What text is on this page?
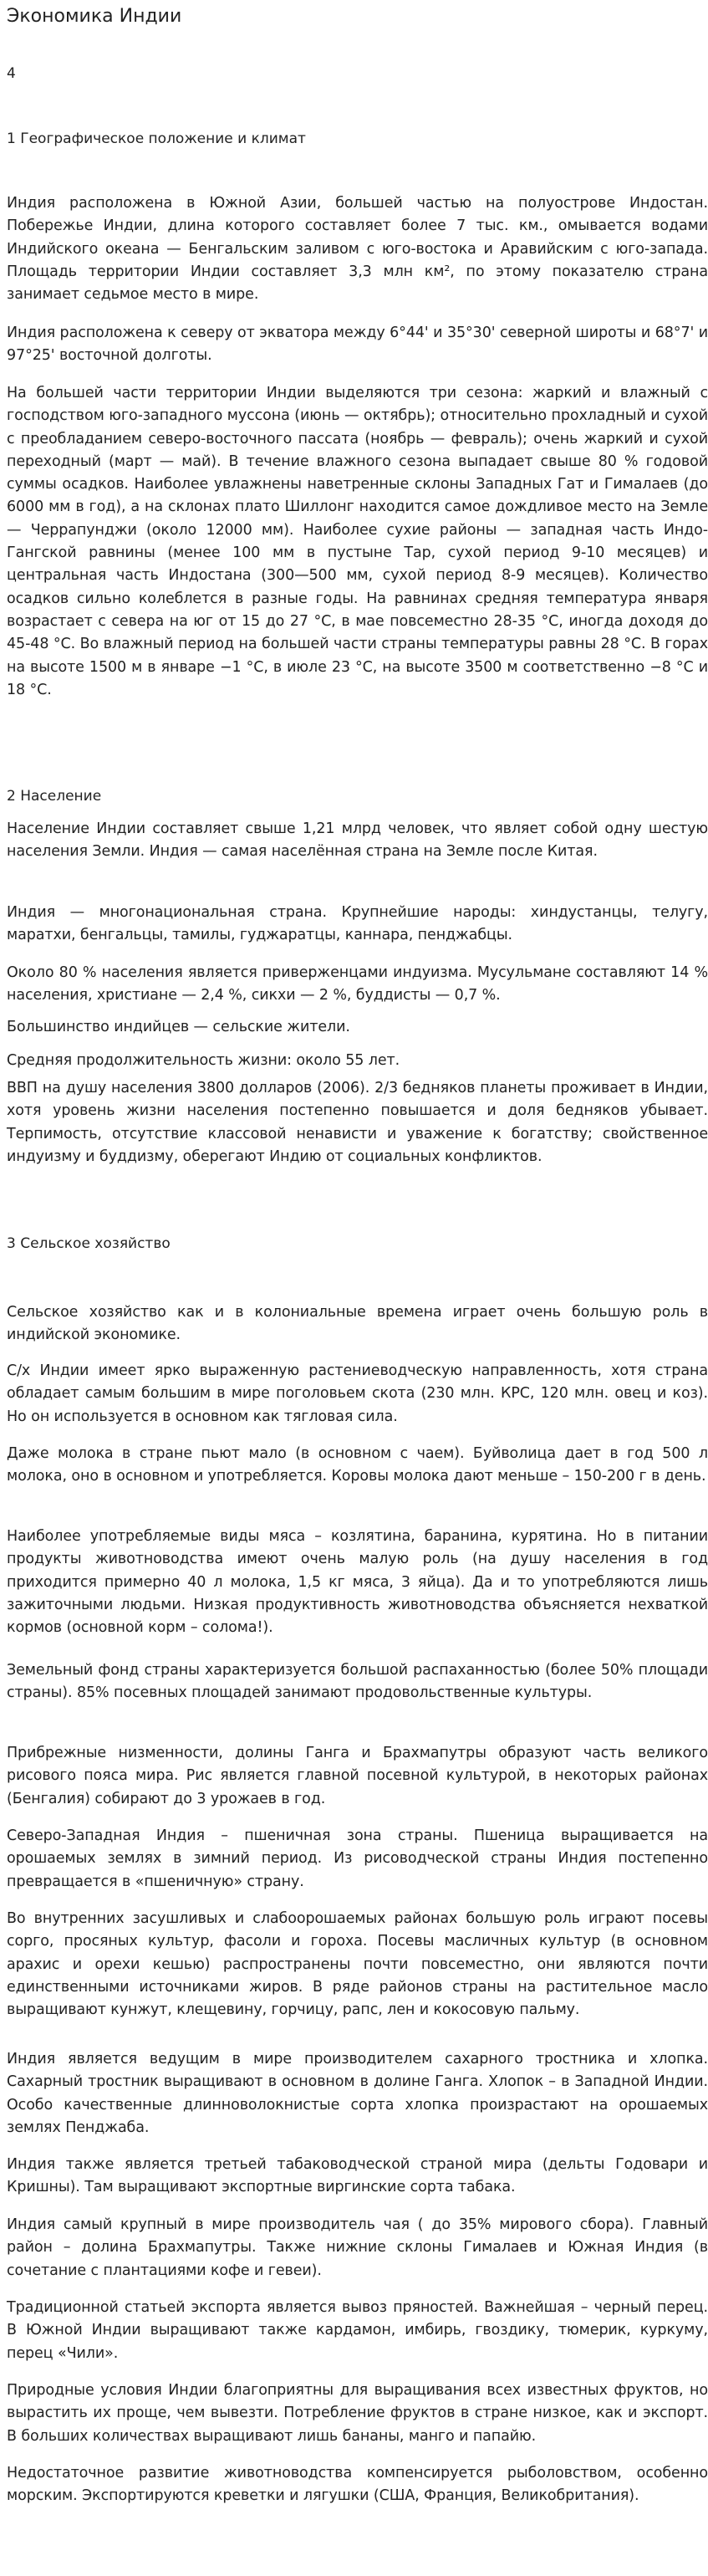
Экономика Индии
4
1 Географическое положение и климат

Индия расположена в Южной Азии, большей частью на полуострове Индостан. Побережье Индии, длина которого составляет более 7 тыс. км., омывается водами Индийского океана — Бенгальским заливом с юго-востока и Аравийским с юго-запада. Площадь территории Индии составляет 3,3 млн км², по этому показателю страна занимает седьмое место в мире.

Индия расположена к северу от экватора между 6°44' и 35°30' северной широты и 68°7' и 97°25' восточной долготы.

На большей части территории Индии выделяются три сезона: жаркий и влажный с господством юго-западного муссона (июнь — октябрь); относительно прохладный и сухой с преобладанием северо-восточного пассата (ноябрь — февраль); очень жаркий и сухой переходный (март — май). В течение влажного сезона выпадает свыше 80 % годовой суммы осадков. Наиболее увлажнены наветренные склоны Западных Гат и Гималаев (до 6000 мм в год), а на склонах плато Шиллонг находится самое дождливое место на Земле — Черрапунджи (около 12000 мм). Наиболее сухие районы — западная часть Индо-Гангской равнины (менее 100 мм в пустыне Тар, сухой период 9-10 месяцев) и центральная часть Индостана (300—500 мм, сухой период 8-9 месяцев). Количество осадков сильно колеблется в разные годы. На равнинах средняя температура января возрастает с севера на юг от 15 до 27 °C, в мае повсеместно 28-35 °C, иногда доходя до 45-48 °C. Во влажный период на большей части страны температуры равны 28 °C. В горах на высоте 1500 м в январе −1 °C, в июле 23 °C, на высоте 3500 м соответственно −8 °C и 18 °C.

2 Население

Население Индии составляет свыше 1,21 млрд человек, что являет собой одну шестую населения Земли. Индия — самая населённая страна на Земле после Китая.

Индия — многонациональная страна. Крупнейшие народы: хиндустанцы, телугу, маратхи, бенгальцы, тамилы, гуджаратцы, каннара, пенджабцы.

Около 80 % населения является приверженцами индуизма. Мусульмане составляют 14 % населения, христиане — 2,4 %, сикхи — 2 %, буддисты — 0,7 %.

Большинство индийцев — сельские жители.

Средняя продолжительность жизни: около 55 лет.

ВВП на душу населения 3800 долларов (2006). 2/3 бедняков планеты проживает в Индии, хотя уровень жизни населения постепенно повышается и доля бедняков убывает. Терпимость, отсутствие классовой ненависти и уважение к богатству; свойственное индуизму и буддизму, оберегают Индию от социальных конфликтов.

3 Сельское хозяйство

Сельское хозяйство как и в колониальные времена играет очень большую роль в индийской экономике.

С/х Индии имеет ярко выраженную растениеводческую направленность, хотя страна обладает самым большим в мире поголовьем скота (230 млн. КРС, 120 млн. овец и коз). Но он используется в основном как тягловая сила.

Даже молока в стране пьют мало (в основном с чаем). Буйволица дает в год 500 л молока, оно в основном и употребляется. Коровы молока дают меньше – 150-200 г в день.

Наиболее употребляемые виды мяса – козлятина, баранина, курятина. Но в питании продукты животноводства имеют очень малую роль (на душу населения в год приходится примерно 40 л молока, 1,5 кг мяса, 3 яйца). Да и то употребляются лишь зажиточными людьми. Низкая продуктивность животноводства объясняется нехваткой кормов (основной корм – солома!).

Земельный фонд страны характеризуется большой распаханностью (более 50% площади страны). 85% посевных площадей занимают продовольственные культуры.

Прибрежные низменности, долины Ганга и Брахмапутры образуют часть великого рисового пояса мира. Рис является главной посевной культурой, в некоторых районах (Бенгалия) собирают до 3 урожаев в год.

Северо-Западная Индия – пшеничная зона страны. Пшеница выращивается на орошаемых землях в зимний период. Из рисоводческой страны Индия постепенно превращается в «пшеничную» страну.

Во внутренних засушливых и слабоорошаемых районах большую роль играют посевы сорго, просяных культур, фасоли и гороха. Посевы масличных культур (в основном арахис и орехи кешью) распространены почти повсеместно, они являются почти единственными источниками жиров. В ряде районов страны на растительное масло выращивают кунжут, клещевину, горчицу, рапс, лен и кокосовую пальму.

Индия является ведущим в мире производителем сахарного тростника и хлопка. Сахарный тростник выращивают в основном в долине Ганга. Хлопок – в Западной Индии. Особо качественные длинноволокнистые сорта хлопка произрастают на орошаемых землях Пенджаба.

Индия также является третьей табаководческой страной мира (дельты Годовари и Кришны). Там выращивают экспортные виргинские сорта табака.

Индия самый крупный в мире производитель чая ( до 35% мирового сбора). Главный район – долина Брахмапутры. Также нижние склоны Гималаев и Южная Индия (в сочетание с плантациями кофе и гевеи).

Традиционной статьей экспорта является вывоз пряностей. Важнейшая – черный перец. В Южной Индии выращивают также кардамон, имбирь, гвоздику, тюмерик, куркуму, перец «Чили».

Природные условия Индии благоприятны для выращивания всех известных фруктов, но вырастить их проще, чем вывезти. Потребление фруктов в стране низкое, как и экспорт. В больших количествах выращивают лишь бананы, манго и папайю.

Недостаточное развитие животноводства компенсируется рыболовством, особенно морским. Экспортируются креветки и лягушки (США, Франция, Великобритания).
